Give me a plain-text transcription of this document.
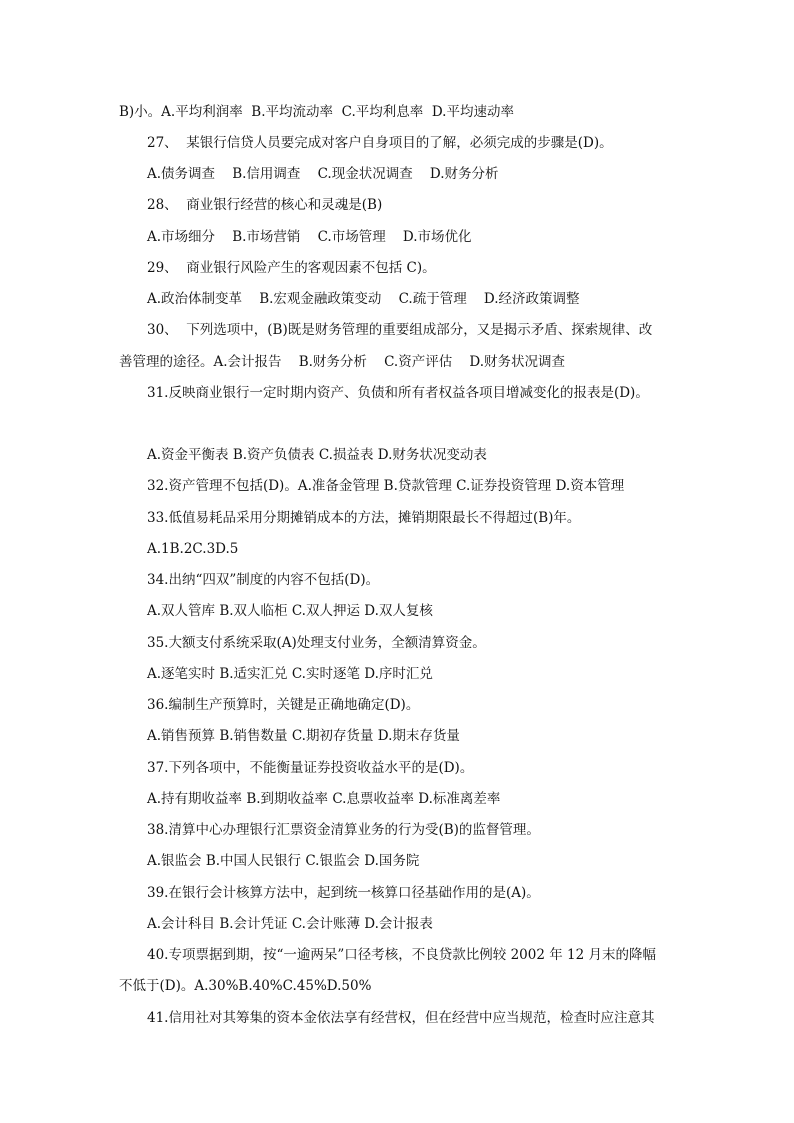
B)小。A.平均利润率  B.平均流动率  C.平均利息率  D.平均速动率
27、  某银行信贷人员要完成对客户自身项目的了解，必须完成的步骤是(D)。
A.债务调查    B.信用调查    C.现金状况调查    D.财务分析
28、  商业银行经营的核心和灵魂是(B)
A.市场细分    B.市场营销    C.市场管理    D.市场优化
29、  商业银行风险产生的客观因素不包括 C)。
A.政治体制变革    B.宏观金融政策变动    C.疏于管理    D.经济政策调整
30、  下列选项中，(B)既是财务管理的重要组成部分，又是揭示矛盾、探索规律、改
善管理的途径。A.会计报告    B.财务分析    C.资产评估    D.财务状况调查
31.反映商业银行一定时期内资产、负债和所有者权益各项目增减变化的报表是(D)。
A.资金平衡表 B.资产负债表 C.损益表 D.财务状况变动表
32.资产管理不包括(D)。A.准备金管理 B.贷款管理 C.证券投资管理 D.资本管理
33.低值易耗品采用分期摊销成本的方法，摊销期限最长不得超过(B)年。
A.1B.2C.3D.5
34.出纳“四双”制度的内容不包括(D)。
A.双人管库 B.双人临柜 C.双人押运 D.双人复核
35.大额支付系统采取(A)处理支付业务，全额清算资金。
A.逐笔实时 B.适实汇兑 C.实时逐笔 D.序时汇兑
36.编制生产预算时，关键是正确地确定(D)。
A.销售预算 B.销售数量 C.期初存货量 D.期末存货量
37.下列各项中，不能衡量证券投资收益水平的是(D)。
A.持有期收益率 B.到期收益率 C.息票收益率 D.标准离差率
38.清算中心办理银行汇票资金清算业务的行为受(B)的监督管理。
A.银监会 B.中国人民银行 C.银监会 D.国务院
39.在银行会计核算方法中，起到统一核算口径基础作用的是(A)。
A.会计科目 B.会计凭证 C.会计账薄 D.会计报表
40.专项票据到期，按“一逾两呆”口径考核，不良贷款比例较 2002 年 12 月末的降幅
不低于(D)。A.30%B.40%C.45%D.50%
41.信用社对其筹集的资本金依法享有经营权，但在经营中应当规范，检查时应注意其
